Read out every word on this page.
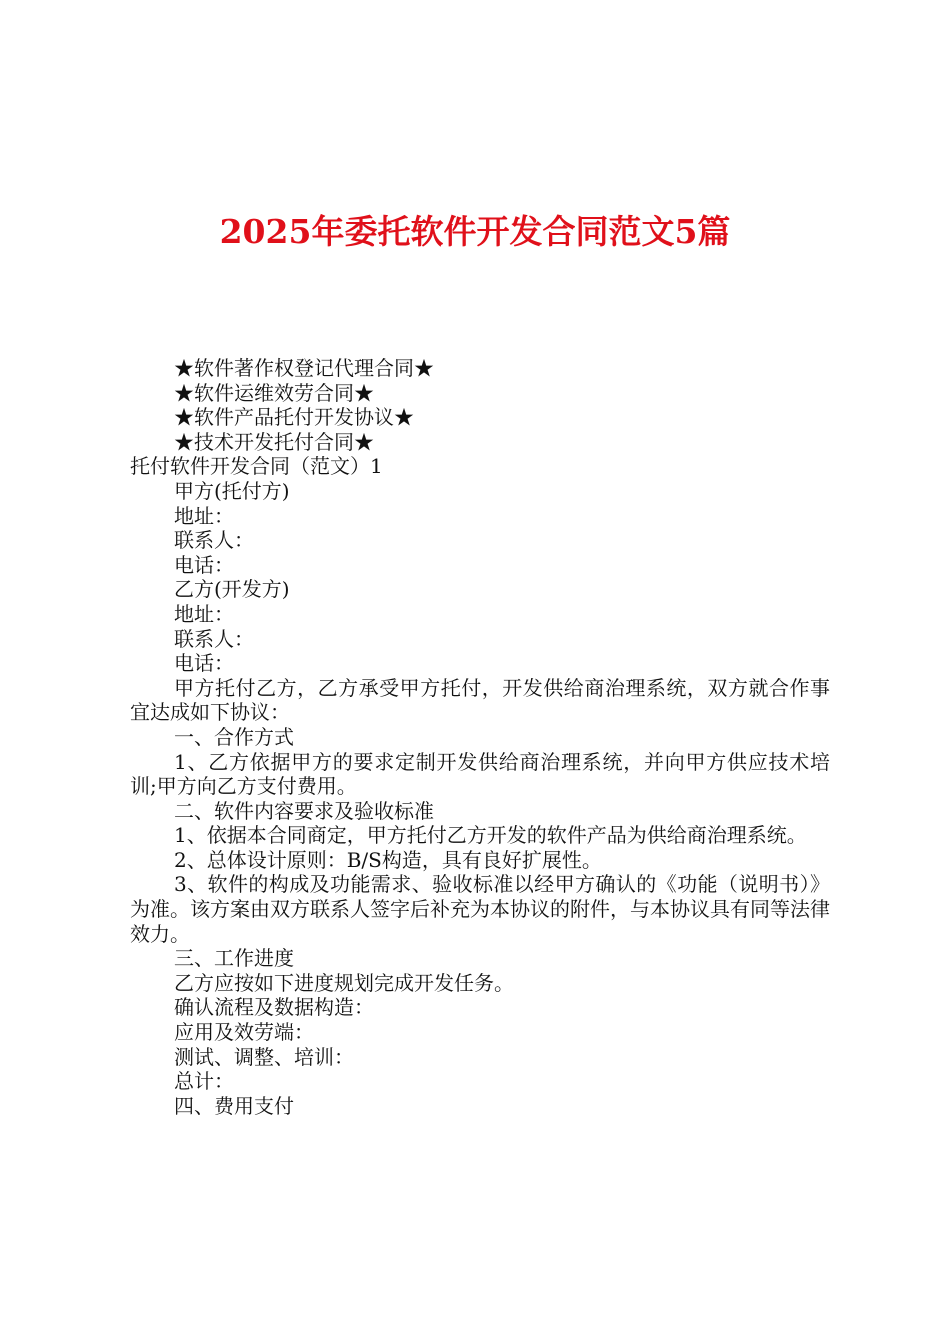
2025年委托软件开发合同范文5篇
★软件著作权登记代理合同★
★软件运维效劳合同★
★软件产品托付开发协议★
★技术开发托付合同★
托付软件开发合同（范文）1
甲方(托付方)
地址：
联系人：
电话：
乙方(开发方)
地址：
联系人：
电话：
甲方托付乙方，乙方承受甲方托付，开发供给商治理系统，双方就合作事宜达成如下协议：
一、合作方式
1、乙方依据甲方的要求定制开发供给商治理系统，并向甲方供应技术培训;甲方向乙方支付费用。
二、软件内容要求及验收标准
1、依据本合同商定，甲方托付乙方开发的软件产品为供给商治理系统。
2、总体设计原则：B/S构造，具有良好扩展性。
3、软件的构成及功能需求、验收标准以经甲方确认的《功能（说明书）》为准。该方案由双方联系人签字后补充为本协议的附件，与本协议具有同等法律效力。
三、工作进度
乙方应按如下进度规划完成开发任务。
确认流程及数据构造：
应用及效劳端：
测试、调整、培训：
总计：
四、费用支付
